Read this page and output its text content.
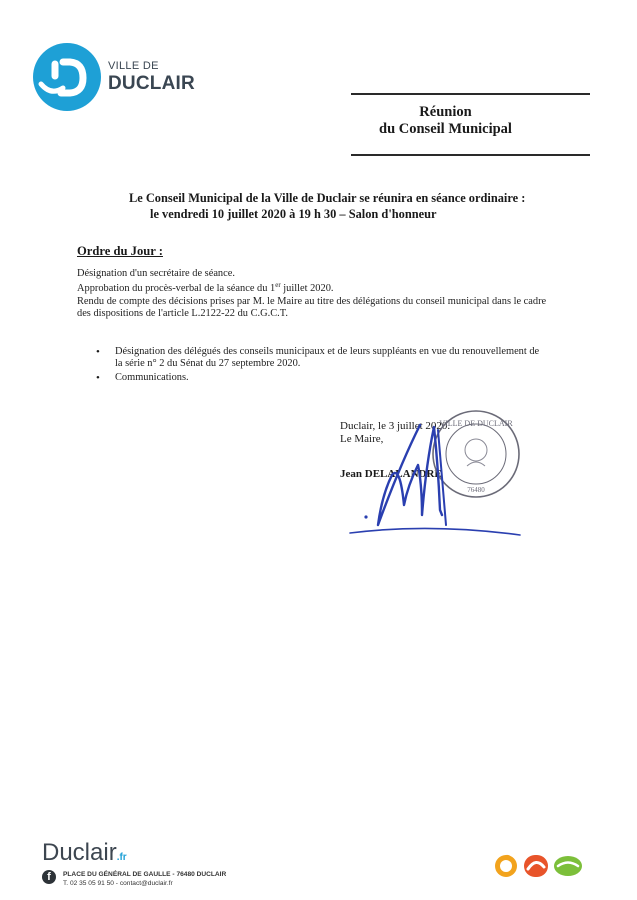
VILLE DE
DUCLAIR
Réunion
du Conseil Municipal
Le Conseil Municipal de la Ville de Duclair se réunira en séance ordinaire :
le vendredi 10 juillet 2020 à 19 h 30 – Salon d'honneur
Ordre du Jour :
Désignation d'un secrétaire de séance.
Approbation du procès-verbal de la séance du 1er juillet 2020.
Rendu de compte des décisions prises par M. le Maire au titre des délégations du conseil municipal dans le cadre
des dispositions de l'article L.2122-22 du C.G.C.T.
• Désignation des délégués des conseils municipaux et de leurs suppléants en vue du renouvellement de
la série n° 2 du Sénat du 27 septembre 2020.
• Communications.
Duclair, le 3 juillet 2020.
Le Maire,
Jean DELALANDRE
VILLE DE DUCLAIR
76480
Duclair.fr
f	PLACE DU GÉNÉRAL DE GAULLE - 76480 DUCLAIR
T. 02 35 05 91 50 - contact@duclair.fr
